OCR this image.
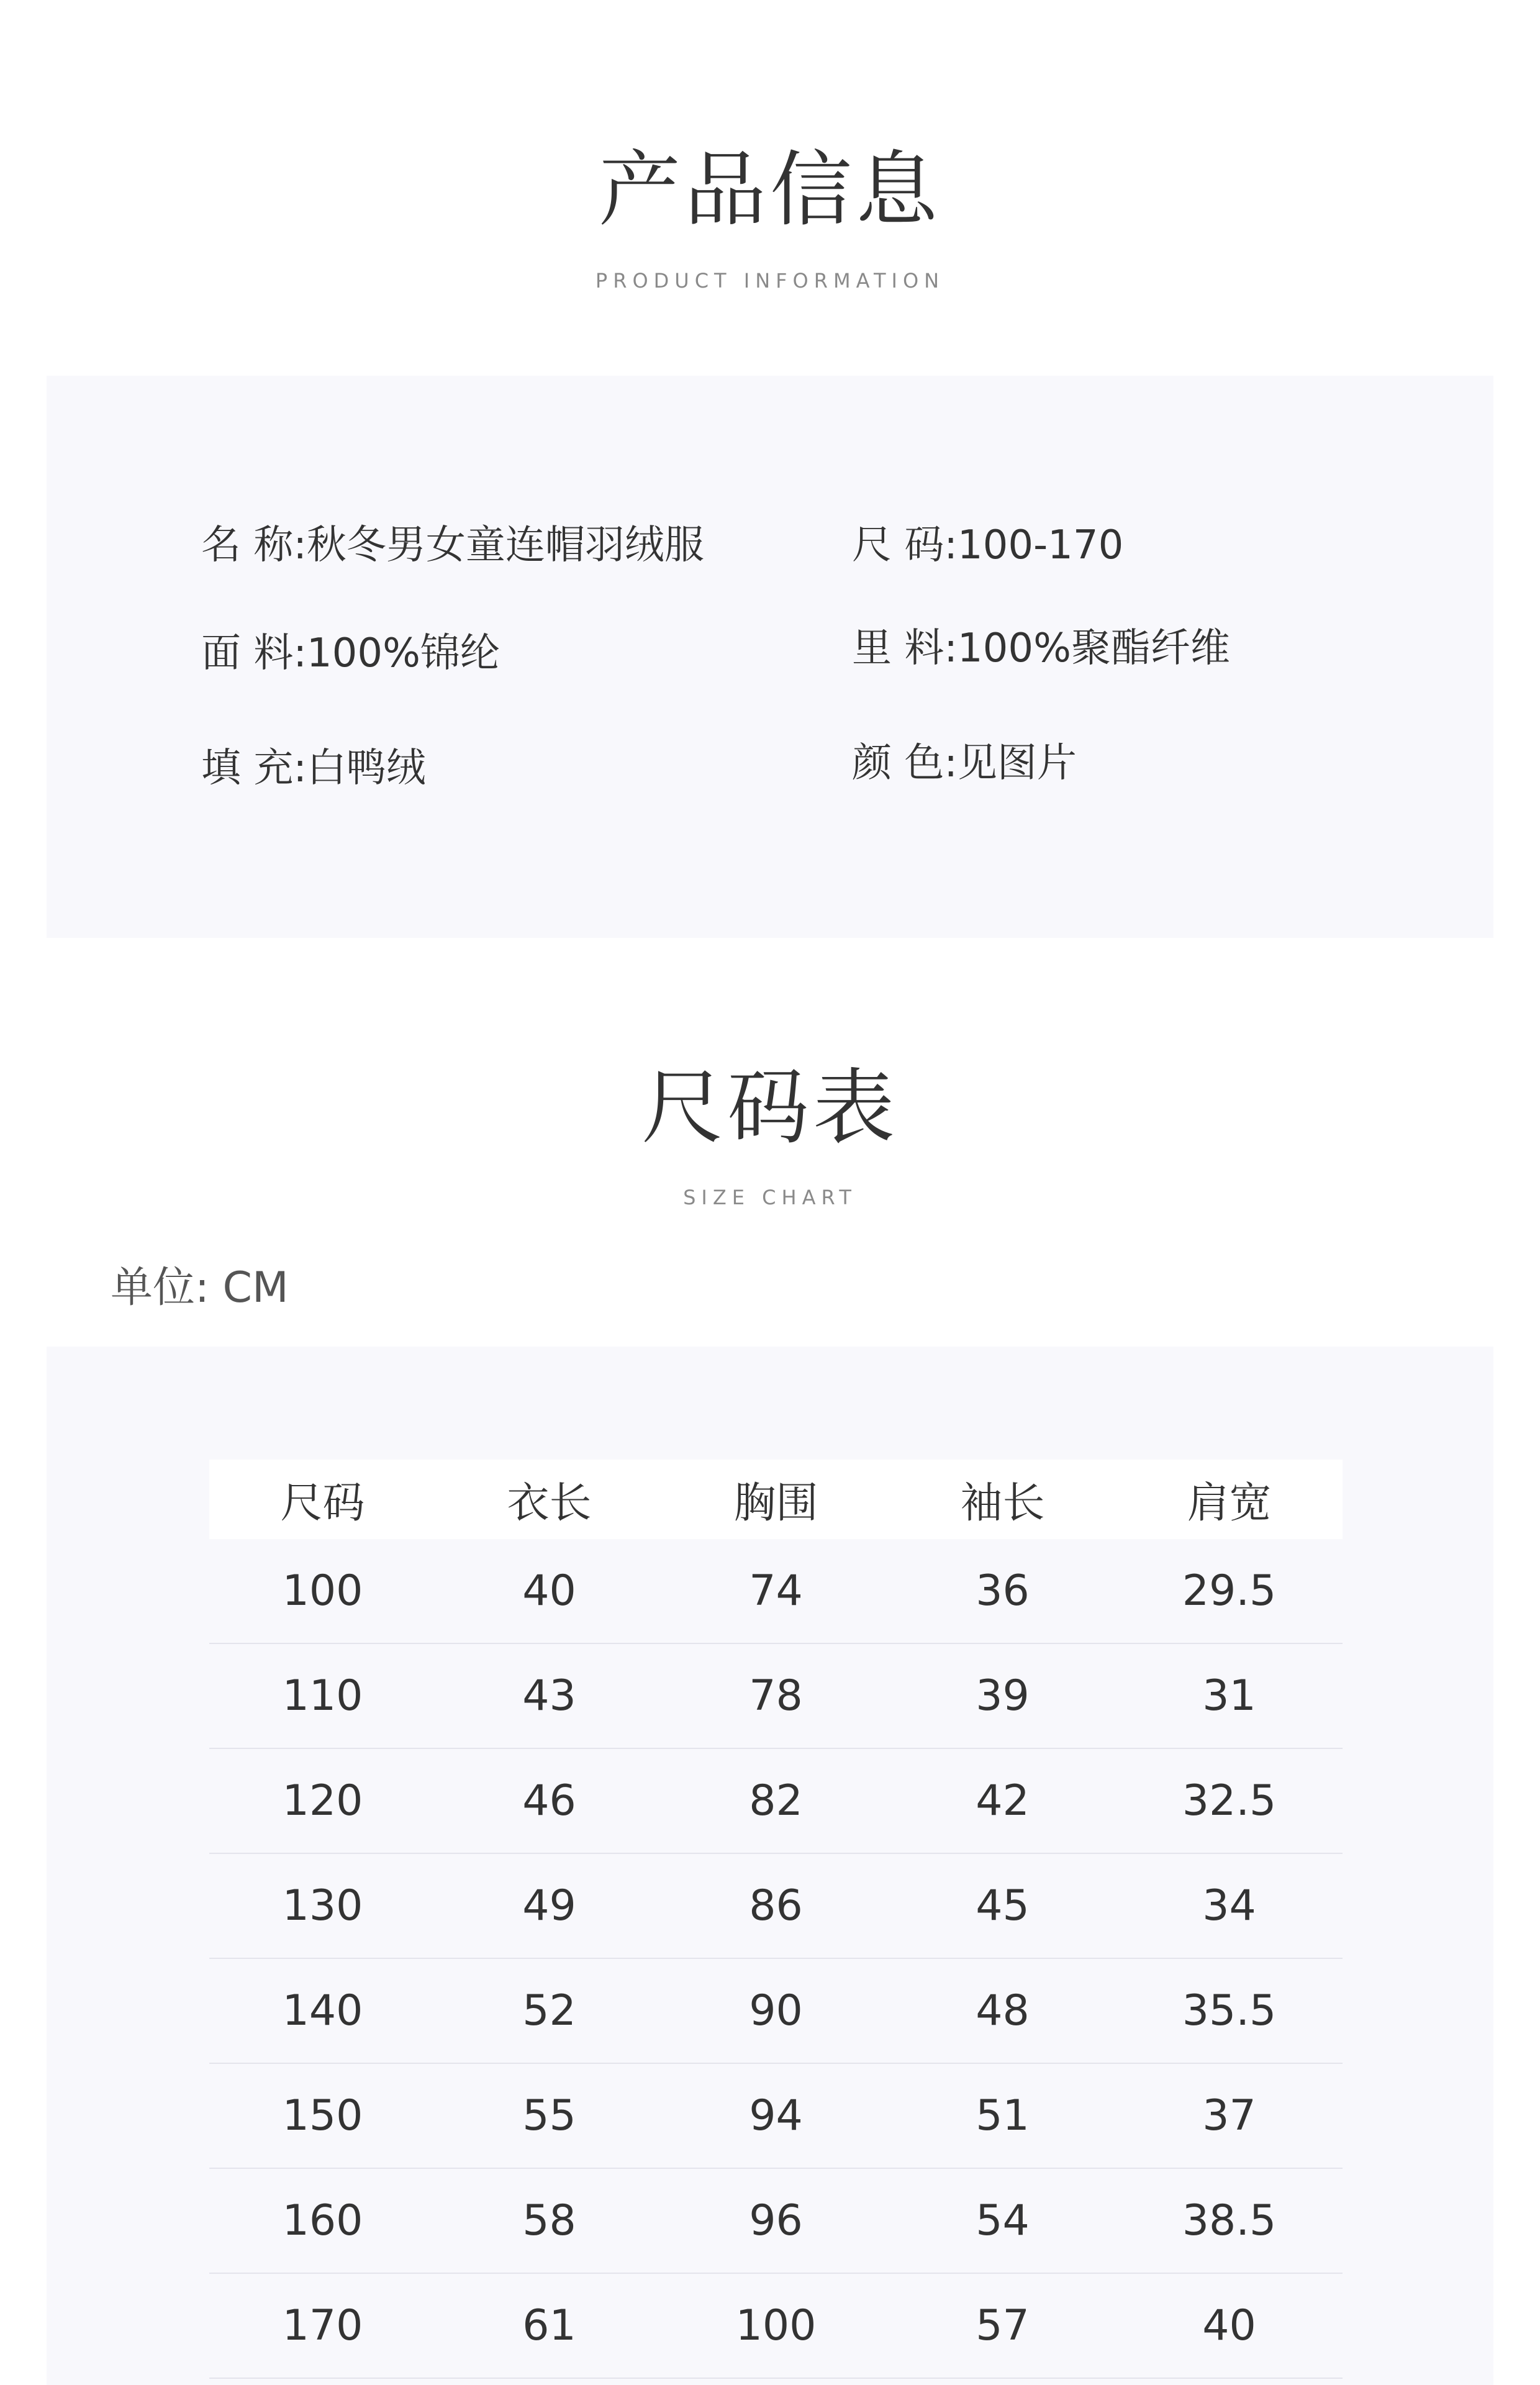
产品信息
PRODUCT INFORMATION
名 称:秋冬男女童连帽羽绒服	尺 码:100-170
面 料:100%锦纶	里 料:100%聚酯纤维
填 充:白鸭绒	颜 色:见图片
尺码表
SIZE CHART
单位: CM
尺码	衣长	胸围	袖长	肩宽
100	40	74	36	29.5
110	43	78	39	31
120	46	82	42	32.5
130	49	86	45	34
140	52	90	48	35.5
150	55	94	51	37
160	58	96	54	38.5
170	61	100	57	40
